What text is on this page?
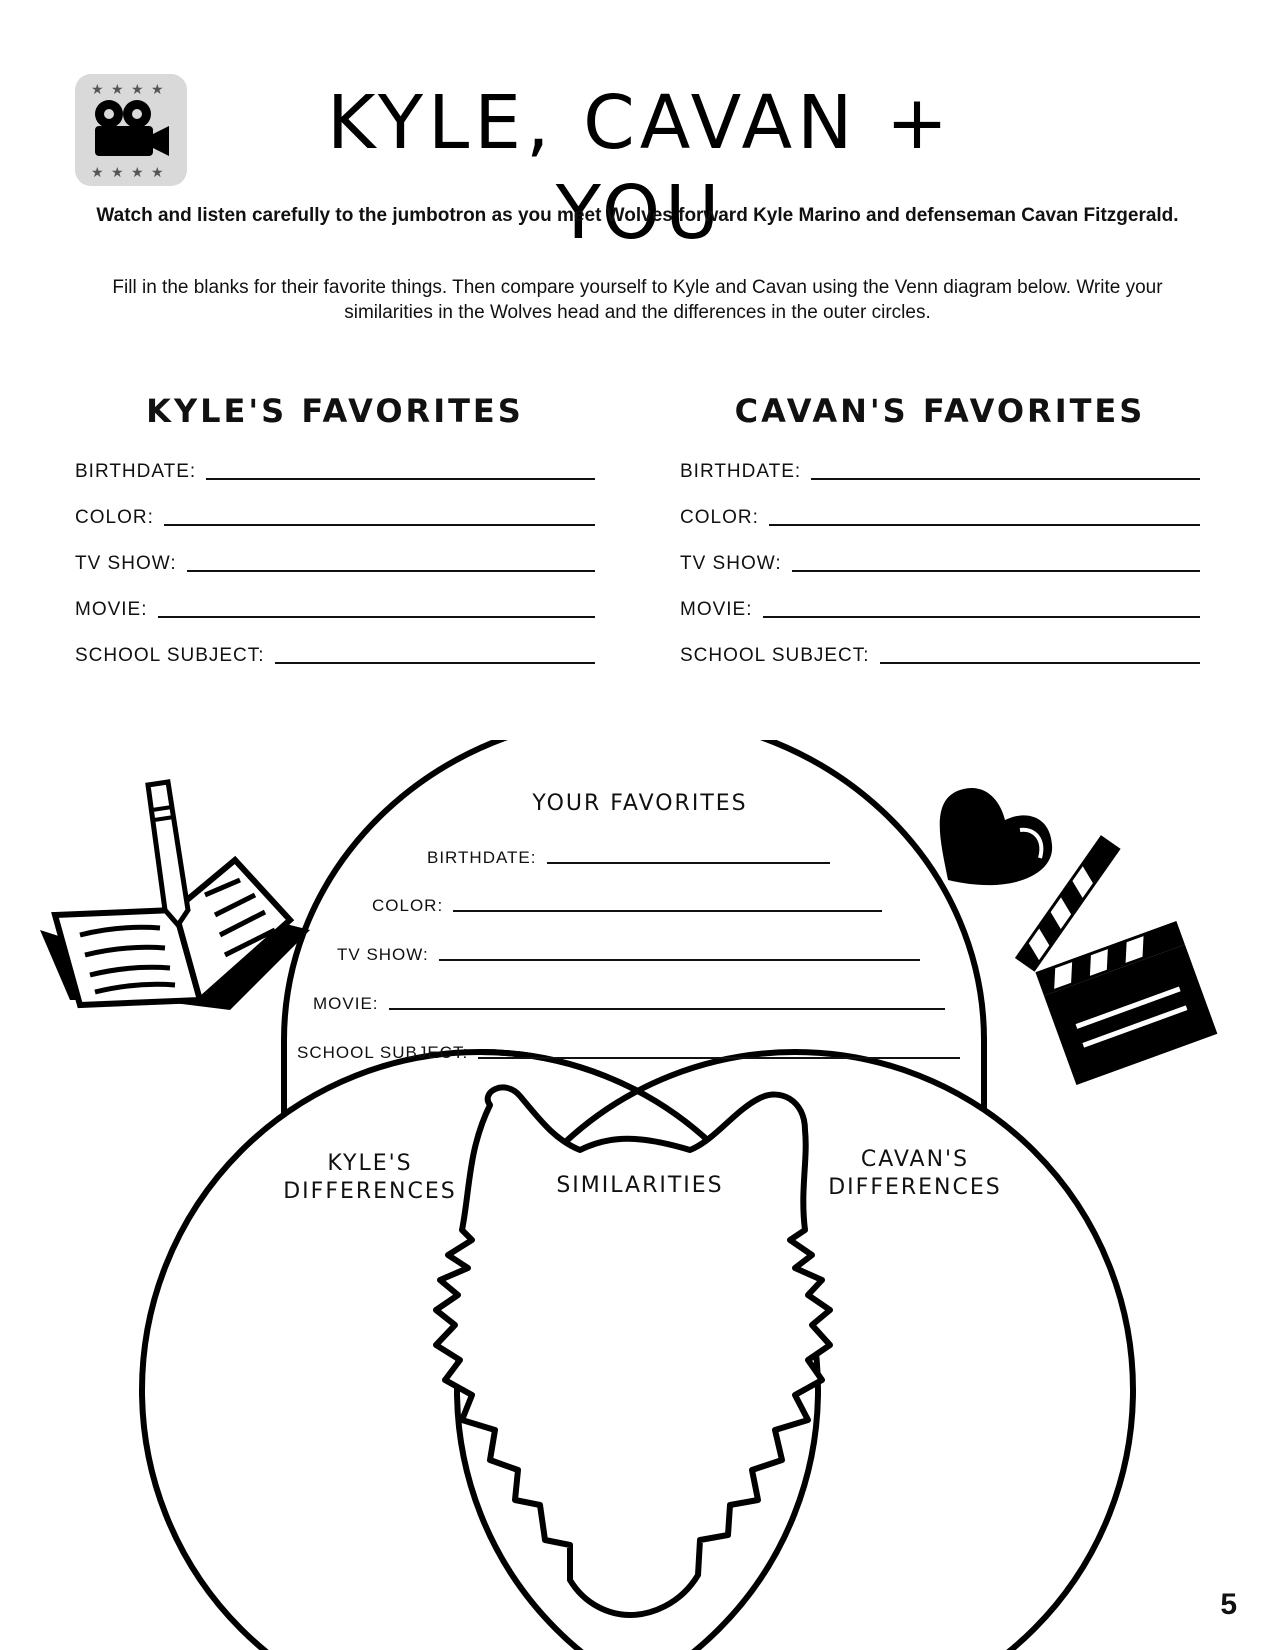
★ ★ ★ ★
★ ★ ★ ★
KYLE, CAVAN + YOU

Watch and listen carefully to the jumbotron as you meet Wolves forward Kyle Marino and defenseman Cavan Fitzgerald.

Fill in the blanks for their favorite things. Then compare yourself to Kyle and Cavan using the Venn diagram below. Write your similarities in the Wolves head and the differences in the outer circles.

KYLE'S FAVORITES
BIRTHDATE:
COLOR:
TV SHOW:
MOVIE:
SCHOOL SUBJECT:
CAVAN'S FAVORITES
BIRTHDATE:
COLOR:
TV SHOW:
MOVIE:
SCHOOL SUBJECT:
YOUR FAVORITES
BIRTHDATE:
COLOR:
TV SHOW:
MOVIE:
SCHOOL SUBJECT:
KYLE'S DIFFERENCES	SIMILARITIES
CAVAN'S DIFFERENCES
5
